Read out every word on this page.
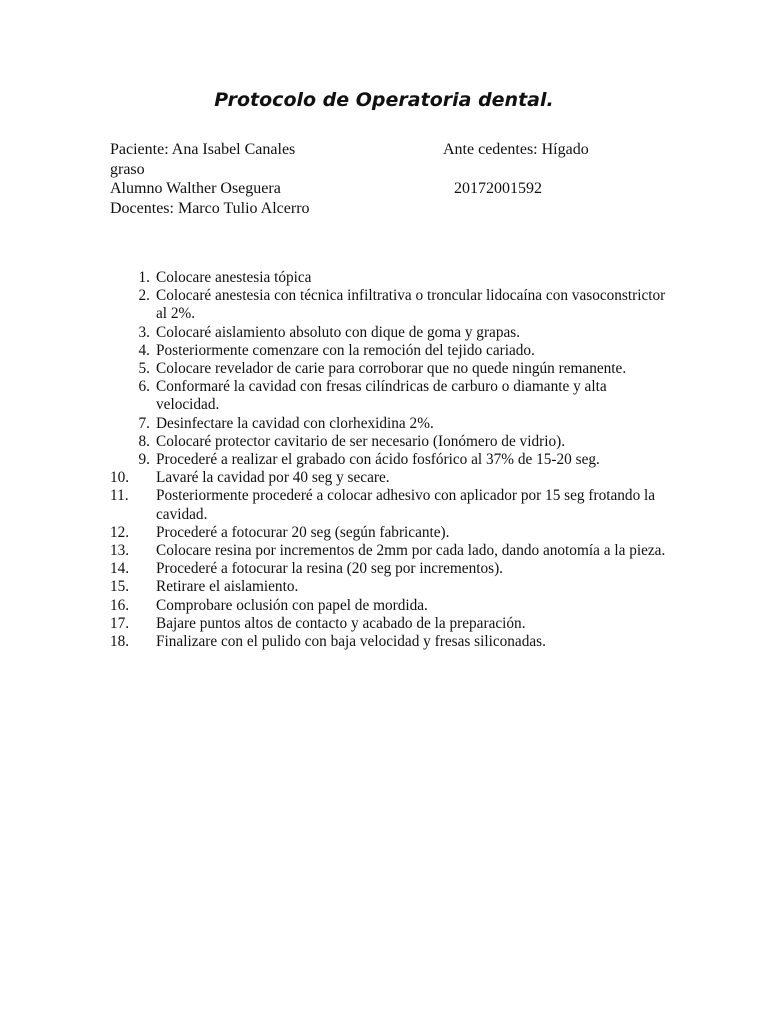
Protocolo de Operatoria dental.
Paciente: Ana Isabel Canales	Ante cedentes: Hígado
graso
Alumno Walther Oseguera	20172001592
Docentes: Marco Tulio Alcerro
1. Colocare anestesia tópica
2. Colocaré anestesia con técnica infiltrativa o troncular lidocaína con vasoconstrictor al 2%.
3. Colocaré aislamiento absoluto con dique de goma y grapas.
4. Posteriormente comenzare con la remoción del tejido cariado.
5. Colocare revelador de carie para corroborar que no quede ningún remanente.
6. Conformaré la cavidad con fresas cilíndricas de carburo o diamante y alta velocidad.
7. Desinfectare la cavidad con clorhexidina 2%.
8. Colocaré protector cavitario de ser necesario (Ionómero de vidrio).
9. Procederé a realizar el grabado con ácido fosfórico al 37% de 15-20 seg.
10.	Lavaré la cavidad por 40 seg y secare.
11.	Posteriormente procederé a colocar adhesivo con aplicador por 15 seg frotando la cavidad.
12.	Procederé a fotocurar 20 seg (según fabricante).
13.	Colocare resina por incrementos de 2mm por cada lado, dando anotomía a la pieza.
14.	Procederé a fotocurar la resina (20 seg por incrementos).
15.	Retirare el aislamiento.
16.	Comprobare oclusión con papel de mordida.
17.	Bajare puntos altos de contacto y acabado de la preparación.
18.	Finalizare con el pulido con baja velocidad y fresas siliconadas.
